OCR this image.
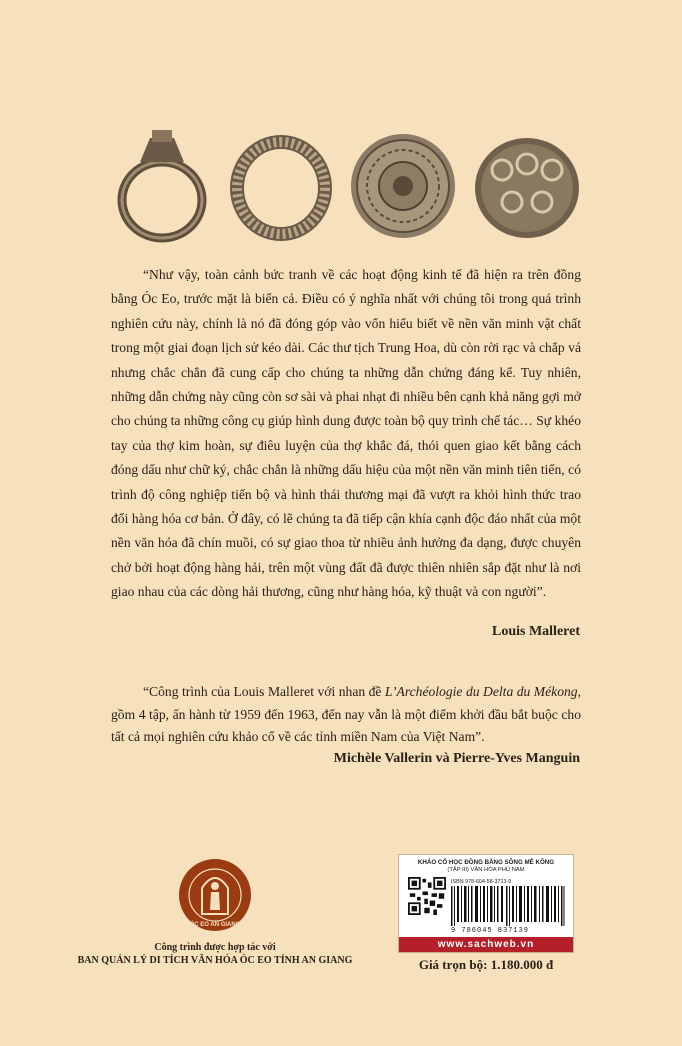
“Như vậy, toàn cảnh bức tranh về các hoạt động kinh tế đã hiện ra trên đồng bằng Óc Eo, trước mặt là biển cả. Điều có ý nghĩa nhất với chúng tôi trong quá trình nghiên cứu này, chính là nó đã đóng góp vào vốn hiểu biết về nền văn minh vật chất trong một giai đoạn lịch sử kéo dài. Các thư tịch Trung Hoa, dù còn rời rạc và chắp vá nhưng chắc chắn đã cung cấp cho chúng ta những dẫn chứng đáng kể. Tuy nhiên, những dẫn chứng này cũng còn sơ sài và phai nhạt đi nhiều bên cạnh khả năng gợi mở cho chúng ta những công cụ giúp hình dung được toàn bộ quy trình chế tác… Sự khéo tay của thợ kim hoàn, sự điêu luyện của thợ khắc đá, thói quen giao kết bằng cách đóng dấu như chữ ký, chắc chắn là những dấu hiệu của một nền văn minh tiên tiến, có trình độ công nghiệp tiến bộ và hình thái thương mại đã vượt ra khỏi hình thức trao đổi hàng hóa cơ bản. Ở đây, có lẽ chúng ta đã tiếp cận khía cạnh độc đáo nhất của một nền văn hóa đã chín muồi, có sự giao thoa từ nhiều ảnh hưởng đa dạng, được chuyên chở bởi hoạt động hàng hải, trên một vùng đất đã được thiên nhiên sắp đặt như là nơi giao nhau của các dòng hải thương, cũng như hàng hóa, kỹ thuật và con người”.
Louis Malleret
“Công trình của Louis Malleret với nhan đề L’Archéologie du Delta du Mékong, gồm 4 tập, ấn hành từ 1959 đến 1963, đến nay vẫn là một điểm khởi đầu bắt buộc cho tất cả mọi nghiên cứu khảo cổ về các tỉnh miền Nam của Việt Nam”.
Michèle Vallerin và Pierre-Yves Manguin
ÓC EO AN GIANG
Công trình được hợp tác với
BAN QUẢN LÝ DI TÍCH VĂN HÓA ÓC EO TỈNH AN GIANG
KHẢO CỔ HỌC ĐỒNG BẰNG SÔNG MÊ KÔNG
(TẬP III) VĂN HÓA PHÙ NAM
ISBN 978-604-58-3713-9
9 786045 837139
www.sachweb.vn
Giá trọn bộ: 1.180.000 đ
